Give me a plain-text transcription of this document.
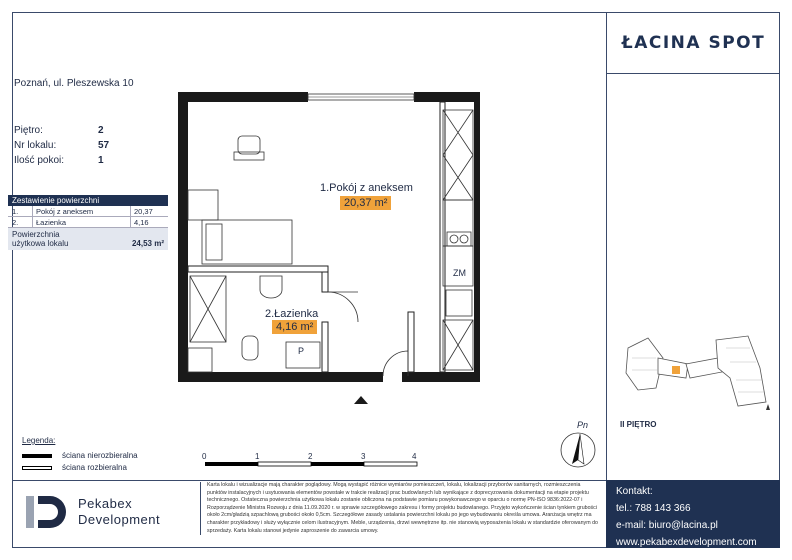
ŁACINA SPOT
Poznań, ul. Pleszewska 10
Piętro:	2
Nr lokalu:	57
Ilość pokoi:	1
Zestawienie powierzchni
1.	Pokój z aneksem	20,37
2.	Łazienka	4,16
Powierzchnia
użytkowa lokalu	24,53 m²
II PIĘTRO
Kontakt:
tel.: 788 143 366
e-mail: biuro@lacina.pl
www.pekabexdevelopment.com
1.Pokój z aneksem
20,37 m²
2.Łazienka
4,16 m²
ZM
P
Pn
Legenda:
ściana nierozbieralna
ściana rozbieralna
0	1	2	3	4
Pekabex
Development
Karta lokalu i wizualizacje mają charakter poglądowy. Mogą wystąpić różnice wymiarów pomieszczeń, lokalu, lokalizacji przyborów sanitarnych, rozmieszczenia punktów instalacyjnych i usytuowania elementów powstałe w trakcie realizacji prac budowlanych lub wynikające z doprecyzowania dokumentacji na etapie projektu technicznego. Ostateczna powierzchnia użytkowa lokalu zostanie obliczona na podstawie pomiaru powykonawczego w oparciu o normę PN-ISO 9836:2022-07 i Rozporządzenie Ministra Rozwoju z dnia 11.09.2020 r. w sprawie szczegółowego zakresu i formy projektu budowlanego. Przyjęto wykończenie ścian tynkiem grubości około 2cm/gładzią szpachlową grubości około 0,5cm. Szczegółowe zasady ustalania powierzchni lokalu po jego wybudowaniu określa umowa. Aranżacja wnętrz ma charakter przykładowy i służy wyłącznie celom ilustracyjnym. Meble, urządzenia, drzwi wewnętrzne itp. nie stanowią wyposażenia lokalu w standardzie oferowanym do sprzedaży. Karta lokalu stanowi jedynie zaproszenie do zawarcia umowy.
